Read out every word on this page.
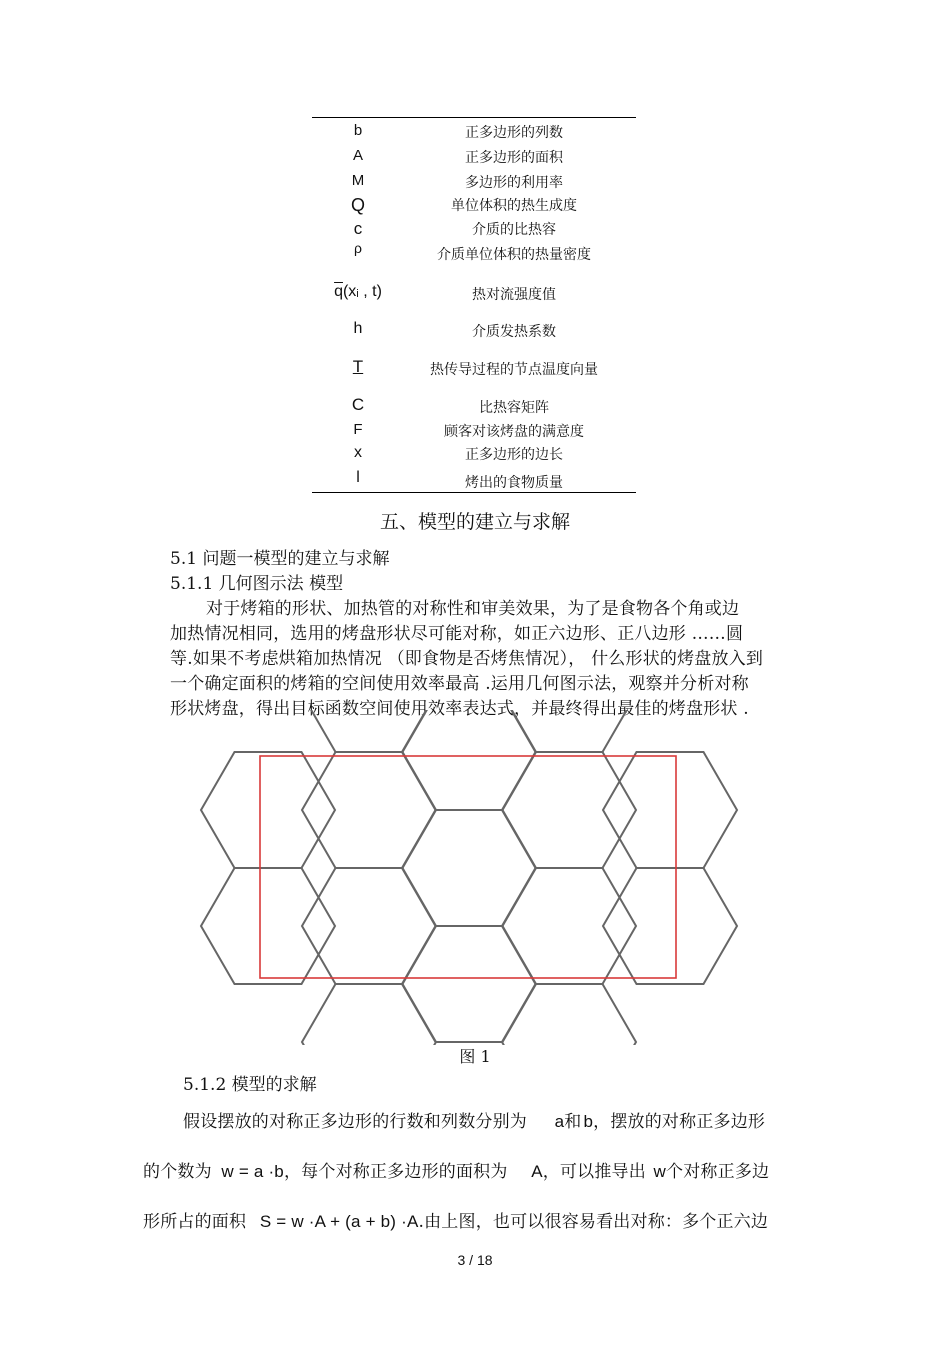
b	正多边形的列数
A	正多边形的面积
M	多边形的利用率
Q	单位体积的热生成度
c	介质的比热容
ρ	介质单位体积的热量密度
$\overline{q}(xᵢ$ , t)	热对流强度值
h	介质发热系数
T	热传导过程的节点温度向量
C	比热容矩阵
F	顾客对该烤盘的满意度
x	正多边形的边长
l	烤出的食物质量
五、模型的建立与求解
5.1 问题一模型的建立与求解
5.1.1 几何图示法 模型
对于烤箱的形状、加热管的对称性和审美效果，为了是食物各个角或边
加热情况相同，选用的烤盘形状尽可能对称，如正六边形、正八边形 ……圆
等.如果不考虑烘箱加热情况 （即食物是否烤焦情况）， 什么形状的烤盘放入到
一个确定面积的烤箱的空间使用效率最高 .运用几何图示法，观察并分析对称
形状烤盘，得出目标函数空间使用效率表达式，并最终得出最佳的烤盘形状 .
图 1
5.1.2 模型的求解
假设摆放的对称正多边形的行数和列数分别为 a和 b，摆放的对称正多边形
的个数为 w = a ·b，每个对称正多边形的面积为 A，可以推导出 w个对称正多边
形所占的面积 S = w ·A + (a + b) ·A.由上图，也可以很容易看出对称：多个正六边
3 / 18
